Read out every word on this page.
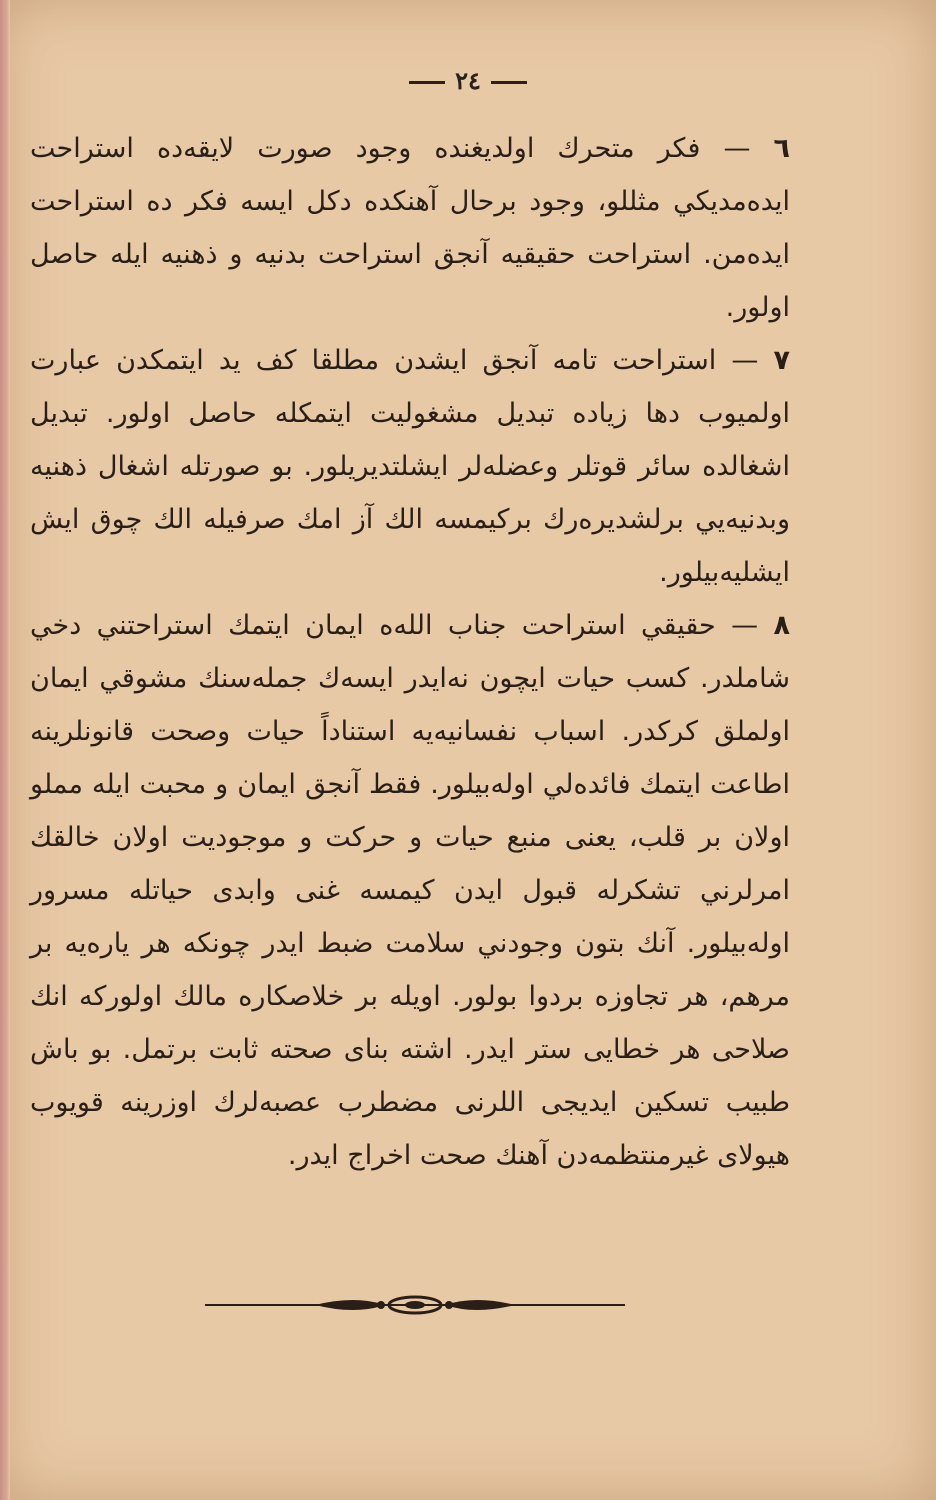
٢٤

٦ — فكر متحرك اولديغنده وجود صورت لايقه‌ده استراحت ايده‌مديكي مثللو، وجود برحال آهنكده دكل ايسه فكر ده استراحت ايده‌من. استراحت حقيقيه آنجق استراحت بدنيه و ذهنيه ايله حاصل اولور.

٧ — استراحت تامه آنجق ايشدن مطلقا كف يد ايتمكدن عبارت اولميوب دها زياده تبديل مشغوليت ايتمكله حاصل اولور. تبديل اشغالده سائر قوتلر وعضله‌لر ايشلتديريلور. بو صورتله اشغال ذهنيه وبدنيه‌يي برلشديره‌رك بركيمسه الك آز امك صرفيله الك چوق ايش ايشليه‌بيلور.

٨ — حقيقي استراحت جناب الله‌ه ايمان ايتمك استراحتني دخي شاملدر. كسب حيات ايچون نه‌ايدر ايسه‌ك جمله‌سنك مشوقي ايمان اولملق كركدر. اسباب نفسانيه‌يه استناداً حيات وصحت قانونلرينه اطاعت ايتمك فائده‌لي اوله‌بيلور. فقط آنجق ايمان و محبت ايله مملو اولان بر قلب، يعنى منبع حيات و حركت و موجوديت اولان خالقك امرلرني تشكرله قبول ايدن كيمسه غنى وابدى حياتله مسرور اوله‌بيلور. آنك بتون وجودني سلامت ضبط ايدر چونكه هر يارەيه بر مرهم، هر تجاوزه بردوا بولور. اويله بر خلاصكاره مالك اولوركه انك صلاحى هر خطايى ستر ايدر. اشته بناى صحته ثابت برتمل. بو باش طبيب تسكين ايديجى اللرنى مضطرب عصبه‌لرك اوزرينه قويوب هيولاى غيرمنتظمه‌دن آهنك صحت اخراج ايدر.
